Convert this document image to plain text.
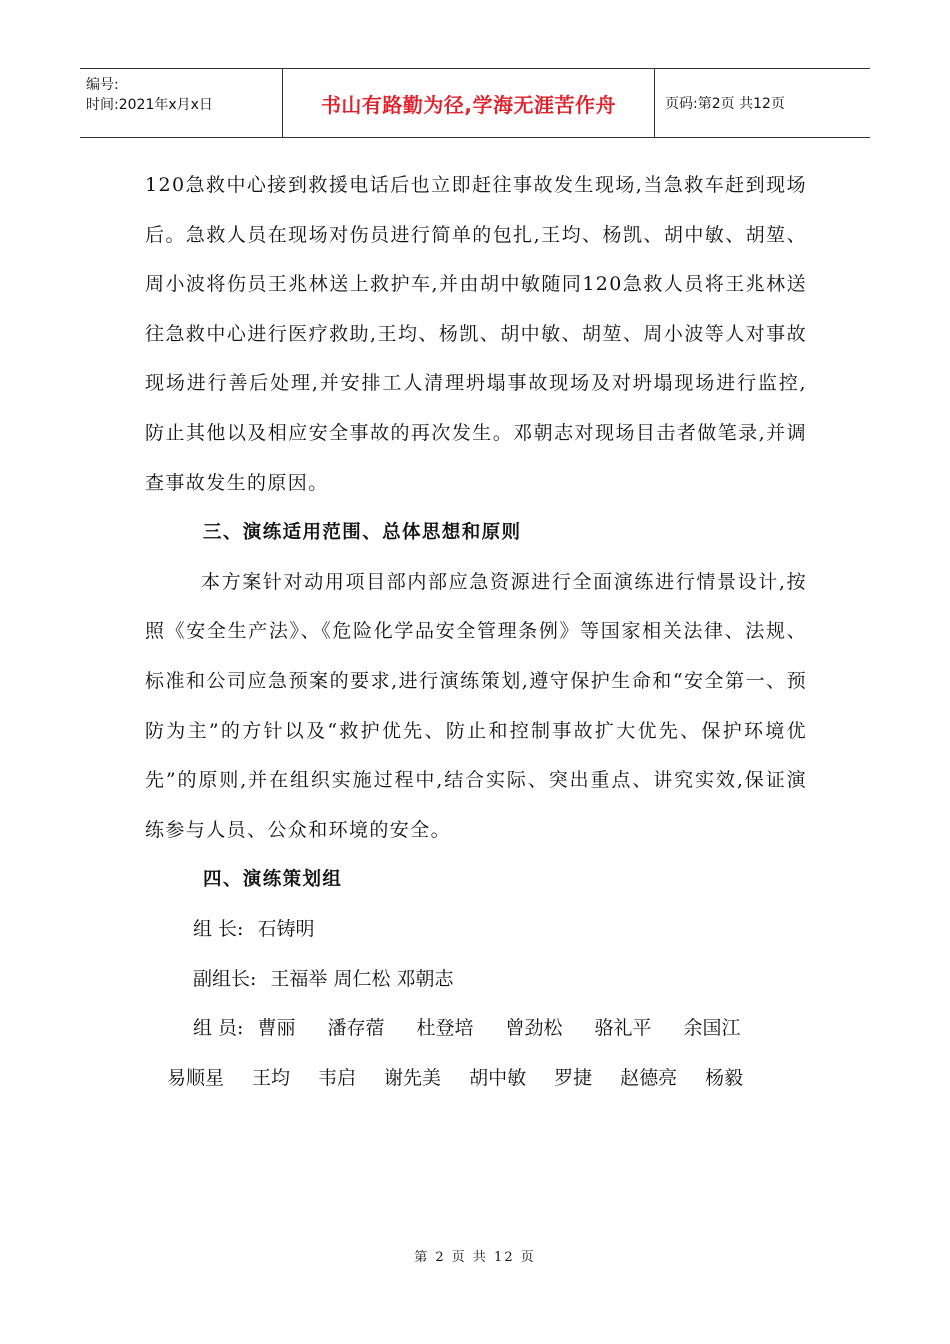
编号:
时间:2021年x月x日	书山有路勤为径,学海无涯苦作舟	页码:第2页 共12页

120急救中心接到救援电话后也立即赶往事故发生现场,当急救车赶到现场后。急救人员在现场对伤员进行简单的包扎,王均、杨凯、胡中敏、胡堃、周小波将伤员王兆林送上救护车,并由胡中敏随同120急救人员将王兆林送往急救中心进行医疗救助,王均、杨凯、胡中敏、胡堃、周小波等人对事故现场进行善后处理,并安排工人清理坍塌事故现场及对坍塌现场进行监控,防止其他以及相应安全事故的再次发生。邓朝志对现场目击者做笔录,并调查事故发生的原因。

三、演练适用范围、总体思想和原则

本方案针对动用项目部内部应急资源进行全面演练进行情景设计,按照《安全生产法》、《危险化学品安全管理条例》等国家相关法律、法规、标准和公司应急预案的要求,进行演练策划,遵守保护生命和“安全第一、预防为主”的方针以及“救护优先、防止和控制事故扩大优先、保护环境优先”的原则,并在组织实施过程中,结合实际、突出重点、讲究实效,保证演练参与人员、公众和环境的安全。

四、演练策划组

组 长: 石铸明
副组长: 王福举 周仁松 邓朝志
组 员: 曹丽 潘存蓿 杜登培 曾劲松 骆礼平 余国江
易顺星 王均 韦启 谢先美 胡中敏 罗捷 赵德亮 杨毅
第 2 页 共 12 页
